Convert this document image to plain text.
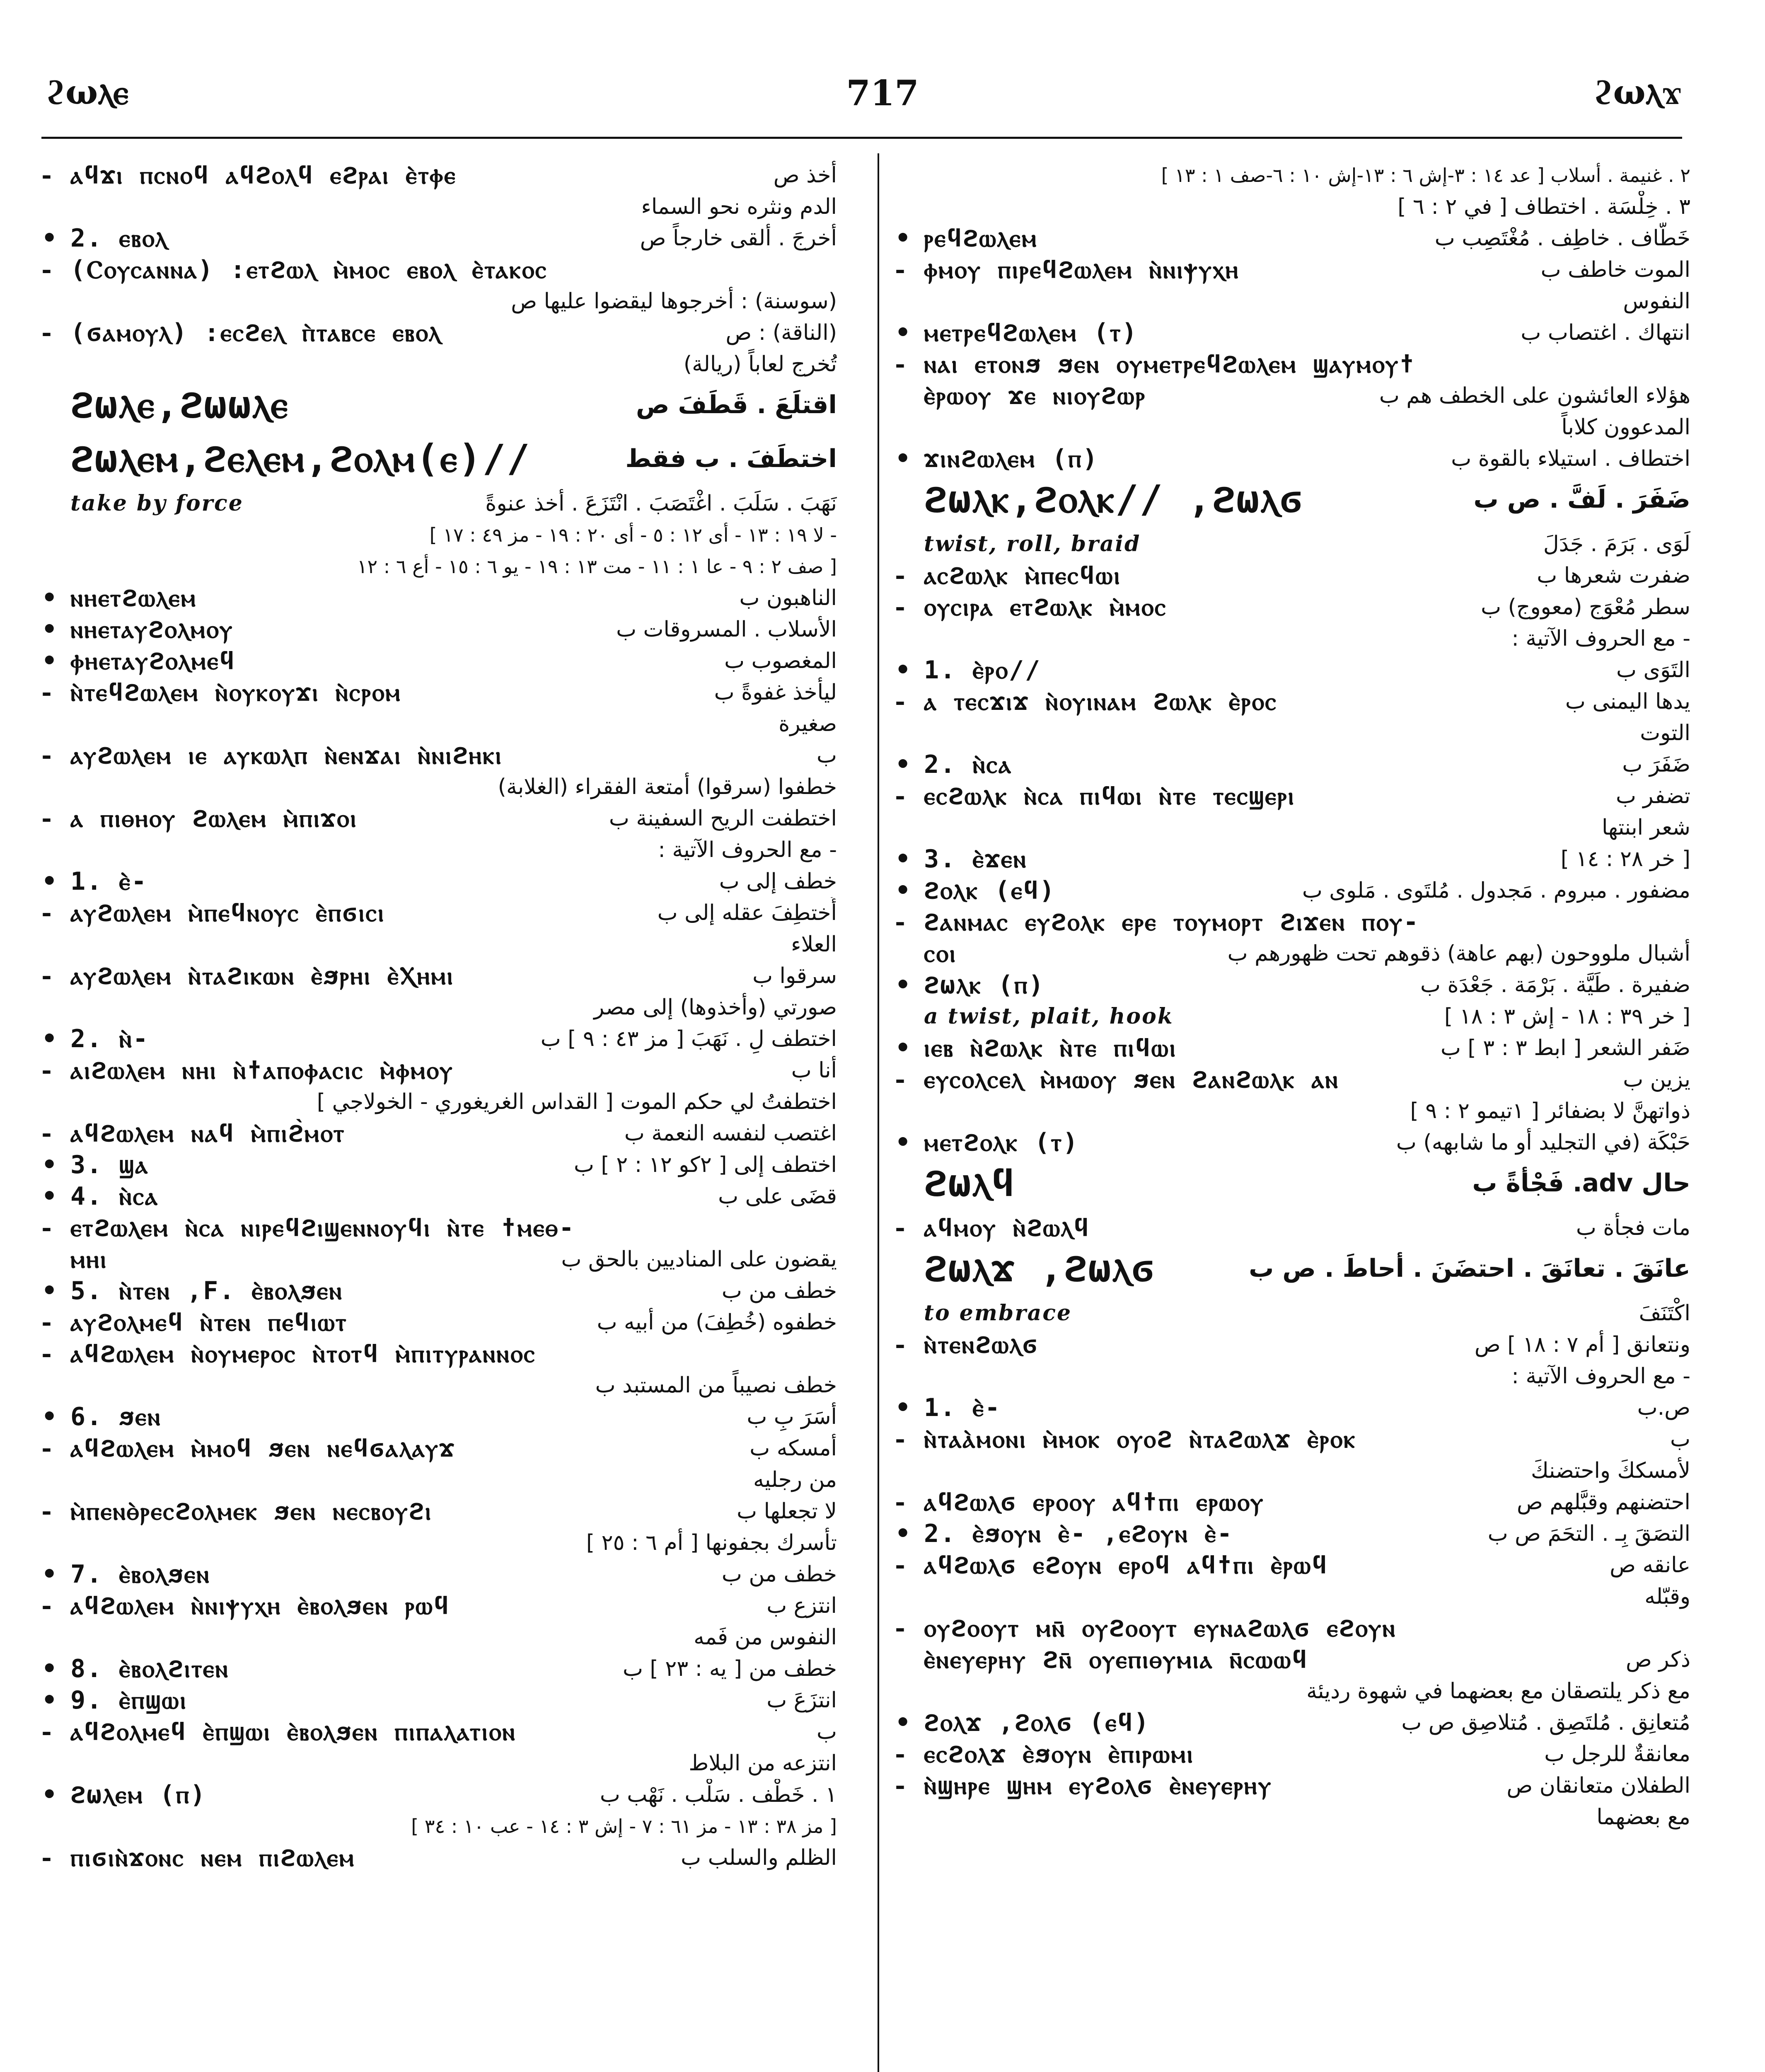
ϩωⲗⲉ	717	ϩωⲗϫ
- ⲁϥϫⲓ ⲡⲥⲛⲟϥ ⲁϥϩⲟⲗϥ ⲉϩⲣⲁⲓ ⲉ̀ⲧⲫⲉ	أخذ ص
الدم ونثره نحو السماء
• 2. ⲉⲃⲟⲗ	أخرجَ . ألقى خارجاً ص
- (Ⲥⲟⲩⲥⲁⲛⲛⲁ) :ⲉⲧϩⲱⲗ ⲙ̀ⲙⲟⲥ ⲉⲃⲟⲗ ⲉ̀ⲧⲁⲕⲟⲥ
(سوسنة) : أخرجوها ليقضوا عليها ص
- (ϭⲁⲙⲟⲩⲗ) :ⲉⲥϩⲉⲗ ⲡ̀ⲧⲁⲃⲥⲉ ⲉⲃⲟⲗ	(الناقة) : ص
تُخرج لعاباً (ريالة)
ϩωⲗⲉ,ϩωωⲗⲉ	اقتلَعَ . قَطَفَ ص
ϩωⲗⲉⲙ,ϩⲉⲗⲉⲙ,ϩⲟⲗⲙ(ⲉ)//	اختطَفَ . ب فقط
take by force	نَهَبَ . سَلَبَ . اغْتَصَبَ . انْتَزَعَ . أخذ عنوةً
[ لا ١٩ : ١٣ - أى ١٢ : ٥ - أى ٢٠ : ١٩ - مز ٤٩ : ١٧ -
صف ٢ : ٩ - عا ١ : ١١ - مت ١٣ : ١٩ - يو ٦ : ١٥ - أع ٦ : ١٢ ]
• ⲛⲏⲉⲧϩⲱⲗⲉⲙ	الناهبون ب
• ⲛⲏⲉⲧⲁⲩϩⲟⲗⲙⲟⲩ	الأسلاب . المسروقات ب
• ⲫⲏⲉⲧⲁⲩϩⲟⲗⲙⲉϥ	المغصوب ب
- ⲛ̀ⲧⲉϥϩⲱⲗⲉⲙ ⲛ̀ⲟⲩⲕⲟⲩϫⲓ ⲛ̀ⲥⲣⲟⲙ	ليأخذ غفوةً ب
صغيرة
- ⲁⲩϩⲱⲗⲉⲙ ⲓⲉ ⲁⲩⲕⲱⲗⲡ ⲛ̀ⲉⲛϫⲁⲓ ⲛ̀ⲛⲓϩⲏⲕⲓ	ب
خطفوا (سرقوا) أمتعة الفقراء (الغلابة)
- ⲁ ⲡⲓⲑⲏⲟⲩ ϩⲱⲗⲉⲙ ⲙ̀ⲡⲓϫⲟⲓ	اختطفت الريح السفينة ب
- مع الحروف الآتية :
• 1. ⲉ̀-	خطف إلى ب
- ⲁⲩϩⲱⲗⲉⲙ ⲙ̀ⲡⲉϥⲛⲟⲩⲥ ⲉ̀ⲡϭⲓⲥⲓ	أُختطِفَ عقله إلى ب
العلاء
- ⲁⲩϩⲱⲗⲉⲙ ⲛ̀ⲧⲁϩⲓⲕⲱⲛ ⲉ̀ϧⲣⲏⲓ ⲉ̀Ⲭⲏⲙⲓ	سرقوا ب
صورتي (وأخذوها) إلى مصر
• 2. ⲛ̀-	اختطف لِ . نَهَبَ [ مز ٤٣ : ٩ ] ب
- ⲁⲓϩⲱⲗⲉⲙ ⲛⲏⲓ ⲛ̀ϯⲁⲡⲟⲫⲁⲥⲓⲥ ⲙ̀ⲫⲙⲟⲩ	أنا ب
اختطفتُ لي حكم الموت [ القداس الغريغوري - الخولاجي ]
- ⲁϥϩⲱⲗⲉⲙ ⲛⲁϥ ⲙ̀ⲡⲓϩ̀ⲙⲟⲧ	اغتصب لنفسه النعمة ب
• 3. ϣⲁ	اختطف إلى [ ٢كو ١٢ : ٢ ] ب
• 4. ⲛ̀ⲥⲁ	قضَى على ب
- ⲉⲧϩⲱⲗⲉⲙ ⲛ̀ⲥⲁ ⲛⲓⲣⲉϥϩⲓϣⲉⲛⲛⲟⲩϥⲓ ⲛ̀ⲧⲉ ϯⲙⲉⲑ-
ⲙⲏⲓ	يقضون على المناديين بالحق ب
• 5. ⲛ̀ⲧⲉⲛ ,F. ⲉ̀ⲃⲟⲗϧⲉⲛ	خطف من ب
- ⲁⲩϩⲟⲗⲙⲉϥ ⲛ̀ⲧⲉⲛ ⲡⲉϥⲓⲱⲧ	خطفوه (خُطِفَ) من أبيه ب
- ⲁϥϩⲱⲗⲉⲙ ⲛ̀ⲟⲩⲙⲉⲣⲟⲥ ⲛ̀ⲧⲟⲧϥ ⲙ̀ⲡⲓⲧⲩⲣⲁⲛⲛⲟⲥ
خطف نصيباً من المستبد ب
• 6. ϧⲉⲛ	أسَرَ بِ ب
- ⲁϥϩⲱⲗⲉⲙ ⲙ̀ⲙⲟϥ ϧⲉⲛ ⲛⲉϥϭⲁⲗⲁⲩϫ	أمسكه ب
من رجليه
- ⲙ̀ⲡⲉⲛⲑ̀ⲣⲉⲥϩⲟⲗⲙⲉⲕ ϧⲉⲛ ⲛⲉⲥⲃⲟⲩϩⲓ	لا تجعلها ب
تأسرك بجفونها [ أم ٦ : ٢٥ ]
• 7. ⲉ̀ⲃⲟⲗϧⲉⲛ	خطف من ب
- ⲁϥϩⲱⲗⲉⲙ ⲛ̀ⲛⲓⲯⲩⲭⲏ ⲉ̀ⲃⲟⲗϧⲉⲛ ⲣⲱϥ	انتزع ب
النفوس من فَمه
• 8. ⲉ̀ⲃⲟⲗϩⲓⲧⲉⲛ	خطف من [ يه : ٢٣ ] ب
• 9. ⲉ̀ⲡϣⲱⲓ	انتزَعَ ب
- ⲁϥϩⲟⲗⲙⲉϥ ⲉ̀ⲡϣⲱⲓ ⲉ̀ⲃⲟⲗϧⲉⲛ ⲡⲓⲡⲁⲗⲁⲧⲓⲟⲛ	ب
انتزعه من البلاط
• ϩωⲗⲉⲙ (ⲡ)	١ . خَطْف . سَلْب . نَهْب ب
[ مز ٣٨ : ١٣ - مز ٦١ : ٧ - إش ٣ : ١٤ - عب ١٠ : ٣٤ ]
- ⲡⲓϭⲓⲛ̀ϫⲟⲛⲥ ⲛⲉⲙ ⲡⲓϩⲱⲗⲉⲙ	الظلم والسلب ب
٢ . غنيمة . أسلاب [ عد ١٤ : ٣-إش ٦ : ١٣-إش ١٠ : ٦-صف ١ : ١٣ ]
٣ . خِلْسَة . اختطاف [ في ٢ : ٦ ]
• ⲣⲉϥϩⲱⲗⲉⲙ	خَطَّاف . خاطِف . مُغْتَصِب ب
- ⲫⲙⲟⲩ ⲡⲓⲣⲉϥϩⲱⲗⲉⲙ ⲛ̀ⲛⲓⲯⲩⲭⲏ	الموت خاطف ب
النفوس
• ⲙⲉⲧⲣⲉϥϩⲱⲗⲉⲙ (ⲧ)	انتهاك . اغتصاب ب
- ⲛⲁⲓ ⲉⲧⲟⲛϧ ϧⲉⲛ ⲟⲩⲙⲉⲧⲣⲉϥϩⲱⲗⲉⲙ ϣⲁⲩⲙⲟⲩϯ
ⲉ̀ⲣⲱⲟⲩ ϫⲉ ⲛⲓⲟⲩϩⲱⲣ	هؤلاء العائشون على الخطف هم ب
المدعوون كلاباً
• ϫⲓⲛϩⲱⲗⲉⲙ (ⲡ)	اختطاف . استيلاء بالقوة ب
ϩωⲗⲕ,ϩⲟⲗⲕ// ,ϩωⲗϭ	ضَفَرَ . لَفَّ . ص ب
twist, roll, braid	لَوَى . بَرَمَ . جَدَلَ
- ⲁⲥϩⲱⲗⲕ ⲙ̀ⲡⲉⲥϥⲱⲓ	ضفرت شعرها ب
- ⲟⲩⲥⲓⲣⲁ ⲉⲧϩⲱⲗⲕ ⲙ̀ⲙⲟⲥ	سطر مُعْوَج (معووج) ب
- مع الحروف الآتية :
• 1. ⲉ̀ⲣⲟ//	التَوَى ب
- ⲁ ⲧⲉⲥϫⲓϫ ⲛ̀ⲟⲩⲓⲛⲁⲙ ϩⲱⲗⲕ ⲉ̀ⲣⲟⲥ	يدها اليمنى ب
التوت
• 2. ⲛ̀ⲥⲁ	ضَفَرَ ب
- ⲉⲥϩⲱⲗⲕ ⲛ̀ⲥⲁ ⲡⲓϥⲱⲓ ⲛ̀ⲧⲉ ⲧⲉⲥϣⲉⲣⲓ	تضفر ب
شعر ابنتها
• 3. ⲉ̀ϫⲉⲛ	[ خر ٢٨ : ١٤ ]
• ϩⲟⲗⲕ (ⲉϥ)	مضفور . مبروم . مَجدول . مُلتَوى . مَلوى ب
- ϩⲁⲛⲙⲁⲥ ⲉⲩϩⲟⲗⲕ ⲉⲣⲉ ⲧⲟⲩⲙⲟⲣⲧ ϩⲓϫⲉⲛ ⲡⲟⲩ-
ⲥⲟⲓ	أشبال ملووحون (بهم عاهة) ذقوهم تحت ظهورهم ب
• ϩωⲗⲕ (ⲡ)	ضفيرة . طَيَّة . بَرْمَة . جَعْدَة ب
a twist, plait, hook	[ خر ٣٩ : ١٨ - إش ٣ : ١٨ ]
• ⲓⲉⲃ ⲛ̀ϩⲱⲗⲕ ⲛ̀ⲧⲉ ⲡⲓϥⲱⲓ	ضَفر الشعر [ ابط ٣ : ٣ ] ب
- ⲉⲩⲥⲟⲗⲥⲉⲗ ⲙ̀ⲙⲱⲟⲩ ϧⲉⲛ ϩⲁⲛϩⲱⲗⲕ ⲁⲛ	يزين ب
ذواتهنَّ لا بضفائر [ ١تيمو ٢ : ٩ ]
• ⲙⲉⲧϩⲟⲗⲕ (ⲧ)	حَبْكَة (في التجليد أو ما شابهه) ب
ϩωⲗϥ	حال adv. فَجْأةً ب
- ⲁϥⲙⲟⲩ ⲛ̀ϩⲱⲗϥ	مات فجأة ب
ϩωⲗϫ ,ϩωⲗϭ	عانَقَ . تعانَقَ . احتضَنَ . أحاطَ . ص ب
to embrace	اكْتَنَفَ
- ⲛ̀ⲧⲉⲛϩⲱⲗϭ	ونتعانق [ أم ٧ : ١٨ ] ص
- مع الحروف الآتية :
• 1. ⲉ̀-	ص.ب
- ⲛ̀ⲧⲁⲁ̀ⲙⲟⲛⲓ ⲙ̀ⲙⲟⲕ ⲟⲩⲟϩ ⲛ̀ⲧⲁϩⲱⲗϫ ⲉ̀ⲣⲟⲕ	ب
لأمسككَ واحتضنكَ
- ⲁϥϩⲱⲗϭ ⲉⲣⲟⲟⲩ ⲁϥϯⲡⲓ ⲉⲣⲱⲟⲩ	احتضنهم وقبَّلهم ص
• 2. ⲉ̀ϧⲟⲩⲛ ⲉ̀- ,ⲉϩⲟⲩⲛ ⲉ̀-	التصَقَ بِـ . التحَمَ ص ب
- ⲁϥϩⲱⲗϭ ⲉϩⲟⲩⲛ ⲉⲣⲟϥ ⲁϥϯⲡⲓ ⲉ̀ⲣⲱϥ	عانقه ص
وقبّله
- ⲟⲩϩⲟⲟⲩⲧ ⲙⲛ̄ ⲟⲩϩⲟⲟⲩⲧ ⲉⲩⲛⲁϩⲱⲗϭ ⲉϩⲟⲩⲛ
ⲉ̀ⲛⲉⲩⲉⲣⲏⲩ ϩⲛ̄ ⲟⲩⲉⲡⲓⲑⲩⲙⲓⲁ ⲛ̄ⲥⲱⲱϥ	ذكر ص
مع ذكر يلتصقان مع بعضهما في شهوة رديئة
• ϩⲟⲗϫ ,ϩⲟⲗϭ (ⲉϥ)	مُتعانِق . مُلتَصِق . مُتلاصِق ص ب
- ⲉⲥϩⲟⲗϫ ⲉ̀ϧⲟⲩⲛ ⲉ̀ⲡⲓⲣⲱⲙⲓ	معانقةٌ للرجل ب
- ⲛ̀ϣⲏⲣⲉ ϣⲏⲙ ⲉⲩϩⲟⲗϭ ⲉ̀ⲛⲉⲩⲉⲣⲏⲩ	الطفلان متعانقان ص
مع بعضهما
